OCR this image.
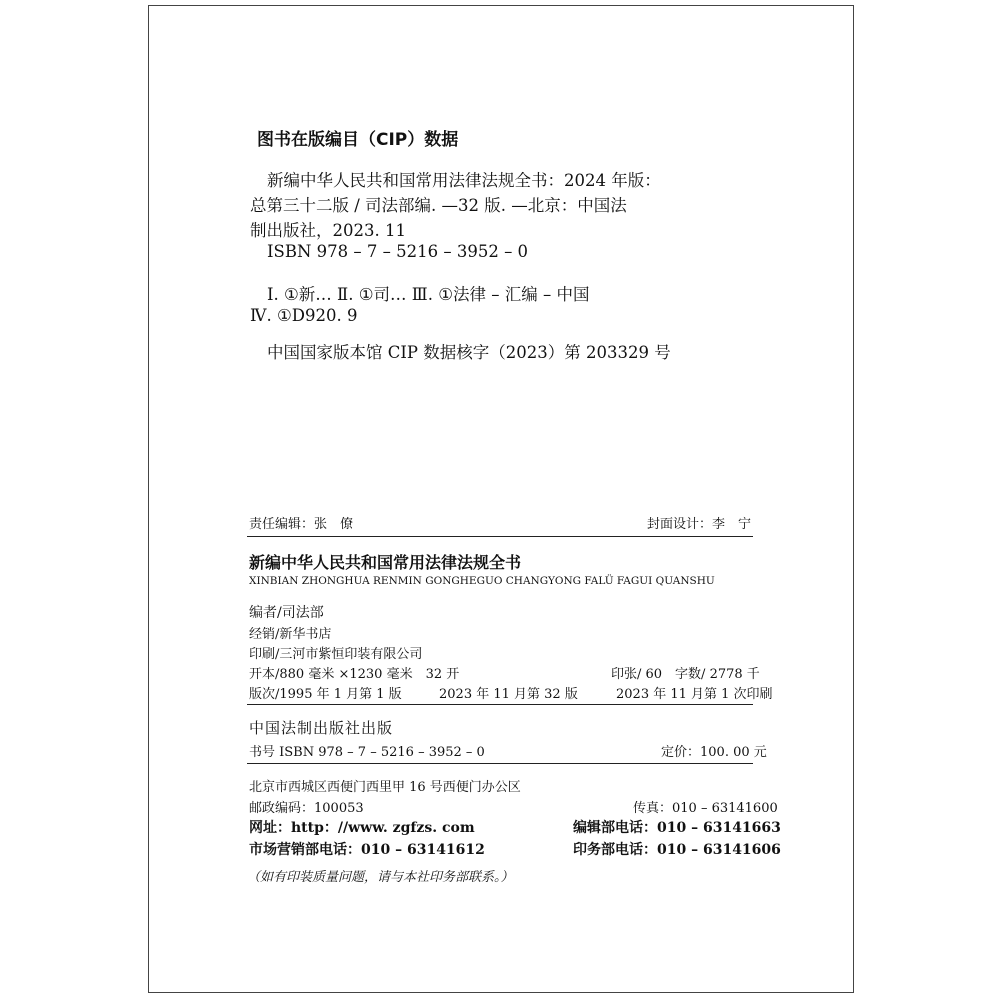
图书在版编目（CIP）数据
新编中华人民共和国常用法律法规全书：2024 年版：
总第三十二版 / 司法部编. —32 版. —北京：中国法
制出版社，2023. 11
ISBN 978 – 7 – 5216 – 3952 – 0
Ⅰ. ①新… Ⅱ. ①司… Ⅲ. ①法律 – 汇编 – 中国
Ⅳ. ①D920. 9
中国国家版本馆 CIP 数据核字（2023）第 203329 号
责任编辑：张　僚	封面设计：李　宁
新编中华人民共和国常用法律法规全书
XINBIAN ZHONGHUA RENMIN GONGHEGUO CHANGYONG FALÜ FAGUI QUANSHU
编者/司法部
经销/新华书店
印刷/三河市紫恒印装有限公司
开本/880 毫米 ×1230 毫米　32 开	印张/ 60　字数/ 2778 千
版次/1995 年 1 月第 1 版	2023 年 11 月第 32 版	2023 年 11 月第 1 次印刷
中国法制出版社出版
书号 ISBN 978 – 7 – 5216 – 3952 – 0	定价：100. 00 元
北京市西城区西便门西里甲 16 号西便门办公区
邮政编码：100053	传真：010 – 63141600
网址：http：//www. zgfzs. com	编辑部电话：010 – 63141663
市场营销部电话：010 – 63141612	印务部电话：010 – 63141606
（如有印装质量问题，请与本社印务部联系。）
